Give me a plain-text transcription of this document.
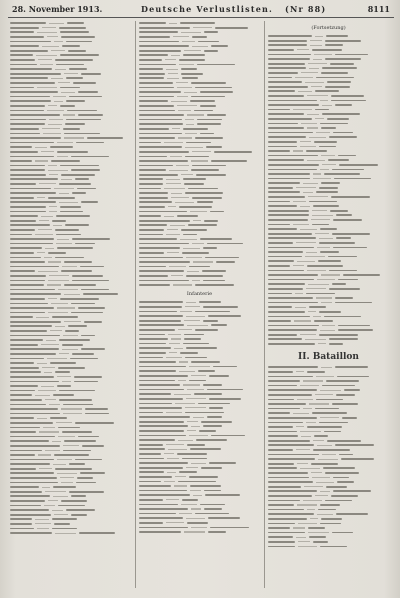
28. November 1913.	Deutsche Verlustlisten. (Nr 88)	8111
Infanterie
(Fortsetzung)
II. Bataillon
